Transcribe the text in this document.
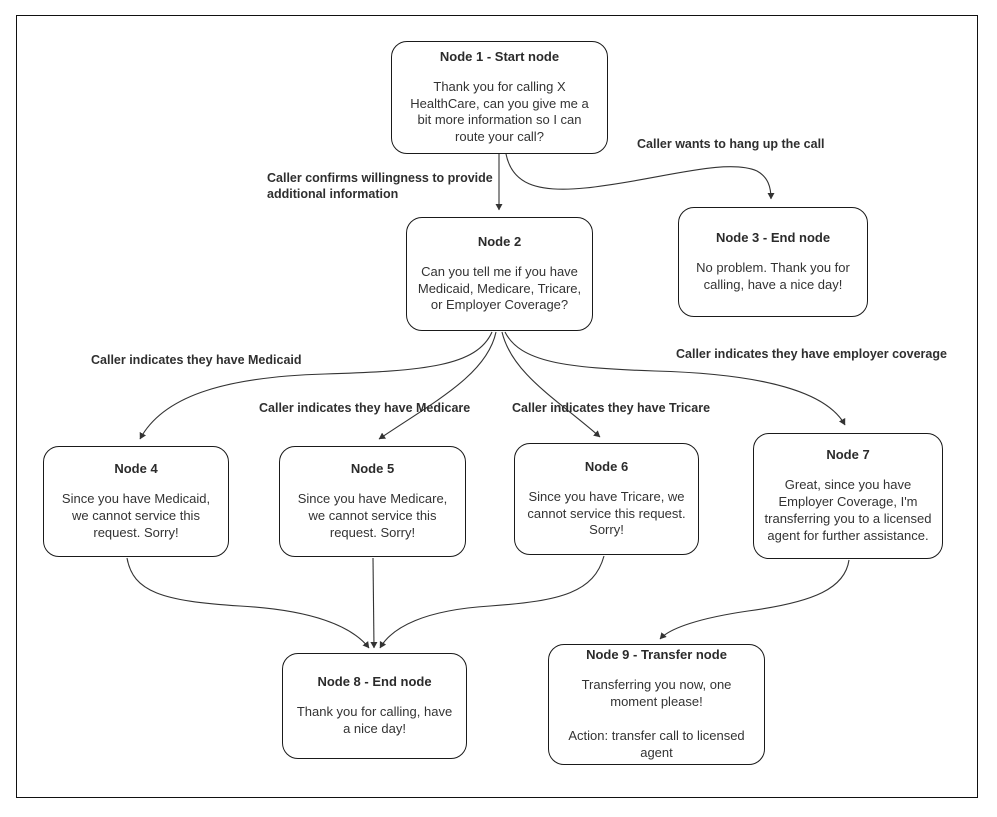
Caller confirms willingness to provide additional information
Caller wants to hang up the call
Caller indicates they have Medicaid
Caller indicates they have Medicare	Caller indicates they have Tricare
Caller indicates they have employer coverage
Node 1 - Start node
Thank you for calling X HealthCare, can you give me a bit more information so I can route your call?
Node 2
Can you tell me if you have Medicaid, Medicare, Tricare, or Employer Coverage?
Node 3 - End node
No problem. Thank you for calling, have a nice day!
Node 4
Since you have Medicaid, we cannot service this request. Sorry!
Node 5
Since you have Medicare, we cannot service this request. Sorry!
Node 6
Since you have Tricare, we cannot service this request. Sorry!
Node 7
Great, since you have Employer Coverage, I'm transferring you to a licensed agent for further assistance.
Node 8 - End node
Thank you for calling, have a nice day!
Node 9 - Transfer node
Transferring you now, one moment please!
Action: transfer call to licensed agent
